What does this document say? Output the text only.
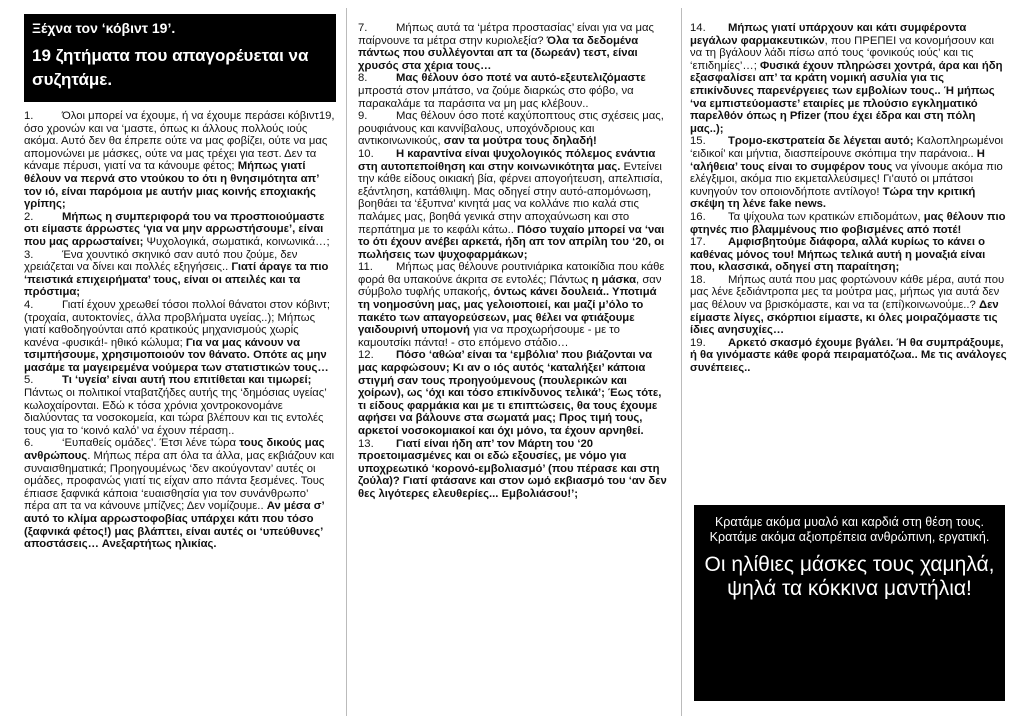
Ξέχνα τον ‘κόβιντ 19’.
19 ζητήματα που απαγορέυεται να συζητάμε.

1.	Όλοι μπορεί να έχουμε, ή να έχουμε περάσει κόβιντ19, όσο χρονών και να ‘μαστε, όπως κι άλλους πολλούς ιούς ακόμα. Αυτό δεν θα έπρεπε ούτε να μας φοβίζει, ούτε να μας απομονώνει με μάσκες, ούτε να μας τρέχει για τεστ. Δεν τα κάναμε πέρυσι, γιατί να τα κάνουμε φέτος; Μήπως γιατί θέλουν να περνά στο ντούκου το ότι η θνησιμότητα απ’ τον ιό, είναι παρόμοια με αυτήν μιας κοινής εποχιακής γρίπης;

2.	Μήπως η συμπεριφορά του να προσποιούμαστε οτι είμαστε άρρωστες ‘για να μην αρρωστήσουμε’, είναι που μας αρρωσταίνει; Ψυχολογικά, σωματικά, κοινωνικά…;

3.	Ένα χουντικό σκηνικό σαν αυτό που ζούμε, δεν χρειάζεται να δίνει και πολλές εξηγήσεις.. Γιατί άραγε τα πιο ‘πειστικά επιχειρήματα’ τους, είναι οι απειλές και τα πρόστιμα;

4.	Γιατί έχουν χρεωθεί τόσοι πολλοί θάνατοι στον κόβιντ; (τροχαία, αυτοκτονίες, άλλα προβλήματα υγείας..); Μήπως γιατί καθοδηγούνται από κρατικούς μηχανισμούς χωρίς κανένα -φυσικά!- ηθικό κώλυμα; Για να μας κάνουν να τσιμπήσουμε, χρησιμοποιούν τον θάνατο. Οπότε ας μην μασάμε τα μαγειρεμένα νούμερα των στατιστικών τους…

5.	Τι ‘υγεία’ είναι αυτή που επιτίθεται και τιμωρεί; Πάντως οι πολιτικοί νταβατζήδες αυτής της ‘δημόσιας υγείας’ κωλοχαίρονται. Εδώ κ τόσα χρόνια χοντροκονομάνε διαλύοντας τα νοσοκομεία, και τώρα βλέπουν και τις εντολές τους για το ‘κοινό καλό’ να έχουν πέραση..

6.	‘Ευπαθείς ομάδες’. Έτσι λένε τώρα τους δικούς μας ανθρώπους. Μήπως πέρα απ όλα τα άλλα, μας εκβιάζουν και συναισθηματικά; Προηγουμένως ‘δεν ακούγονταν’ αυτές οι ομάδες, προφανώς γιατί τις είχαν απο πάντα ξεσμένες. Τους έπιασε ξαφνικά κάποια ‘ευαισθησία για τον συνάνθρωπο’ πέρα απ τα να κάνουνε μπίζνες; Δεν νομίζουμε.. Αν μέσα σ’ αυτό το κλίμα αρρωστοφοβίας υπάρχει κάτι που τόσο (ξαφνικά φέτος!) μας βλάπτει, είναι αυτές οι ‘υπεύθυνες’ αποστάσεις… Ανεξαρτήτως ηλικίας.

7.	Μήπως αυτά τα ‘μέτρα προστασίας’ είναι για να μας παίρνουνε τα μέτρα στην κυριολεξία? Όλα τα δεδομένα πάντως που συλλέγονται απ τα (δωρεάν) τεστ, είναι χρυσός στα χέρια τους…

8.	Μας θέλουν όσο ποτέ να αυτό-εξευτελιζόμαστε μπροστά στον μπάτσο, να ζούμε διαρκώς στο φόβο, να παρακαλάμε τα παράσιτα να μη μας κλέβουν..

9.	Μας θέλουν όσο ποτέ καχύποπτους στις σχέσεις μας, ρουφιάνους και καννίβαλους, υποχόνδριους και αντικοινωνικούς, σαν τα μούτρα τους δηλαδή!

10. Η καραντίνα είναι ψυχολογικός πόλεμος ενάντια στη αυτοπεποίθηση και στην κοινωνικότητα μας. Εντείνει την κάθε είδους οικιακή βία, φέρνει απογοήτευση, απελπισία, εξάντληση, κατάθλιψη. Μας οδηγεί στην αυτό-απομόνωση, βοηθάει τα ‘έξυπνα’ κινητά μας να κολλάνε πιο καλά στις παλάμες μας, βοηθά γενικά στην αποχαύνωση και στο περπάτημα με το κεφάλι κάτω.. Πόσο τυχαίο μπορεί να ‘ναι το ότι έχουν ανέβει αρκετά, ήδη απ τον απρίλη του ‘20, οι πωλήσεις των ψυχοφαρμάκων;

11. Μήπως μας θέλουνε ρουτινιάρικα κατοικίδια που κάθε φορά θα υπακούνε άκριτα σε εντολές; Πάντως η μάσκα, σαν σύμβολο τυφλής υπακοής, όντως κάνει δουλειά.. Υποτιμά τη νοημοσύνη μας, μας γελοιοποιεί, και μαζί μ’όλο το πακέτο των απαγορεύσεων, μας θέλει να φτιάξουμε γαιδουρινή υπομονή για να προχωρήσουμε - με το καμουτσίκι πάντα! - στο επόμενο στάδιο…

12. Πόσο ‘αθώα’ είναι τα ‘εμβόλια’ που βιάζονται να μας καρφώσουν; Κι αν ο ιός αυτός ‘καταλήξει’ κάποια στιγμή σαν τους προηγούμενους (πουλερικών και χοίρων), ως ‘όχι και τόσο επικίνδυνος τελικά’; Έως τότε, τι είδους φαρμάκια και με τι επιπτώσεις, θα τους έχουμε αφήσει να βάλουνε στα σωματά μας; Προς τιμή τους, αρκετοί νοσοκομιακοί και όχι μόνο, τα έχουν αρνηθεί.

13. Γιατί είναι ήδη απ’ τον Μάρτη του ‘20 προετοιμασμένες και οι εδώ εξουσίες, με νόμο για υποχρεωτικό ‘κορονό-εμβολιασμό’ (που πέρασε και στη ζούλα)? Γιατί φτάσανε και στον ωμό εκβιασμό του ‘αν δεν θες λιγότερες ελευθερίες... Εμβολιάσου!’;

14. Μήπως γιατί υπάρχουν και κάτι συμφέροντα μεγάλων φαρμακευτικών, που ΠΡΕΠΕΙ να κονομήσουν και να τη βγάλουν λάδι πίσω από τους ‘φονικούς ιούς’ και τις ‘επιδημίες’…; Φυσικά έχουν πληρώσει χοντρά, άρα και ήδη εξασφαλίσει απ’ τα κράτη νομική ασυλία για τις επικίνδυνες παρενέργειες των εμβολίων τους.. Ή μήπως ‘να εμπιστεύομαστε’ εταιρίες με πλούσιο εγκληματικό παρελθόν όπως η Pfizer (που έχει έδρα και στη πόλη μας..);

15. Τρομο-εκστρατεία δε λέγεται αυτό; Καλοπληρωμένοι ‘ειδικοί’ και μήντια, διασπείρουνε σκόπιμα την παράνοια.. Η ‘αλήθεια’ τους είναι το συμφέρον τους να γίνουμε ακόμα πιο ελέγξιμοι, ακόμα πιο εκμεταλλεύσιμες! Γι’αυτό οι μπάτσοι κυνηγούν τον οποιονδήποτε αντίλογο! Τώρα την κριτική σκέψη τη λένε fake news.

16. Τα ψίχουλα των κρατικών επιδομάτων, μας θέλουν πιο φτηνές πιο βλαμμένους πιο φοβισμένες από ποτέ!

17. Αμφισβητούμε διάφορα, αλλά κυρίως το κάνει ο καθένας μόνος του! Μήπως τελικά αυτή η μοναξιά είναι που, κλασσικά, οδηγεί στη παραίτηση;

18. Μήπως αυτά που μας φορτώνουν κάθε μέρα, αυτά που μας λένε ξεδιάντροπα μες τα μούτρα μας, μήπως για αυτά δεν μας θέλουν να βρισκόμαστε, και να τα (επί)κοινωνούμε..? Δεν είμαστε λίγες, σκόρπιοι είμαστε, κι όλες μοιραζόμαστε τις ίδιες ανησυχίες…

19. Αρκετό σκασμό έχουμε βγάλει. Ή θα συμπράξουμε, ή θα γινόμαστε κάθε φορά πειραματόζωα.. Με τις ανάλογες συνέπειες..

Κρατάμε ακόμα μυαλό και καρδιά στη θέση τους.
Κρατάμε ακόμα αξιοπρέπεια ανθρώπινη, εργατική.
Οι ηλίθιες μάσκες τους χαμηλά, ψηλά τα κόκκινα μαντήλια!
